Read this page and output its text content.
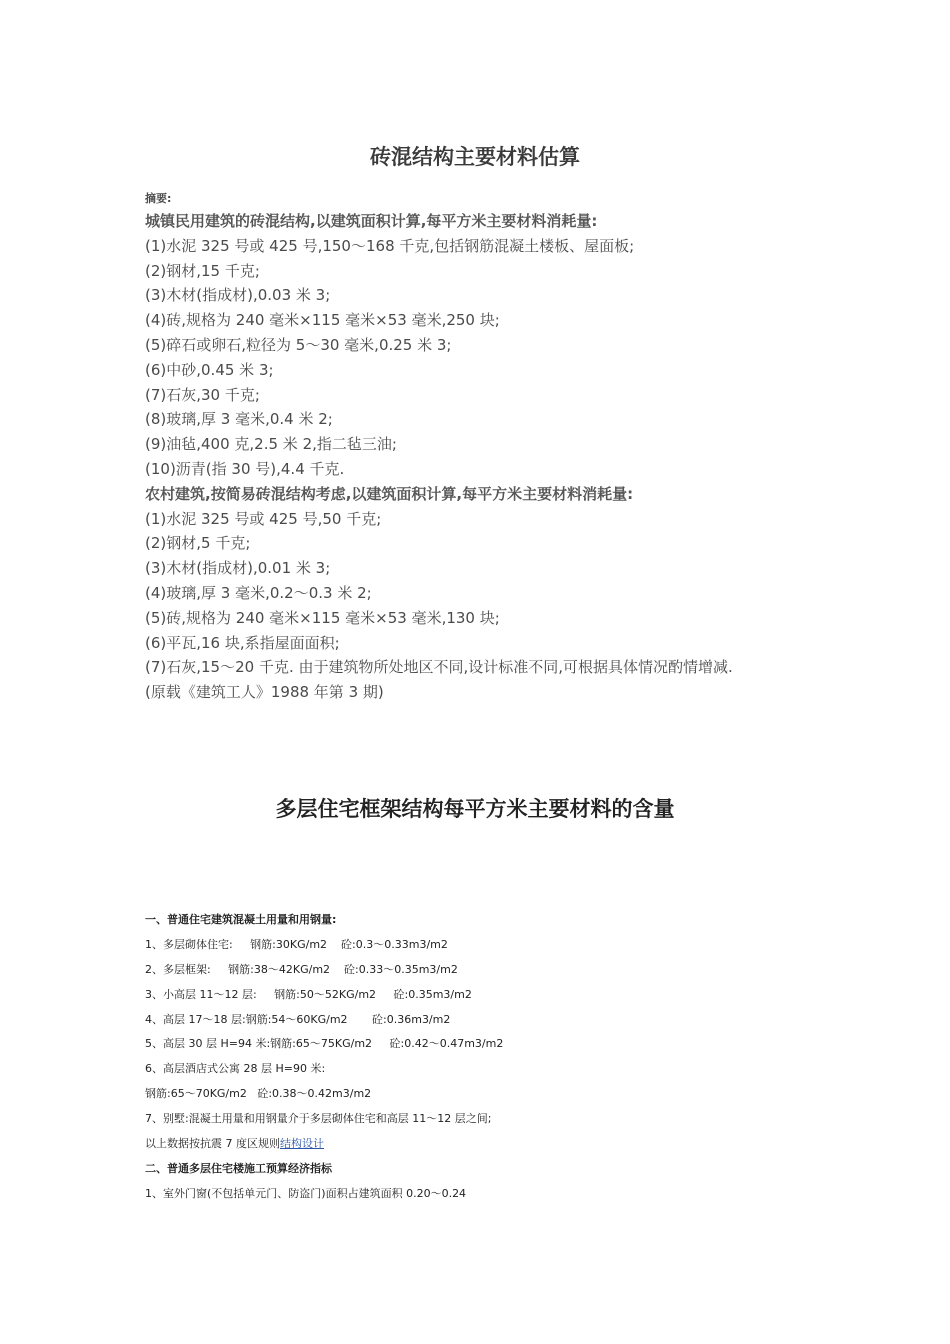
砖混结构主要材料估算
摘要:
城镇民用建筑的砖混结构,以建筑面积计算,每平方米主要材料消耗量:
(1)水泥 325 号或 425 号,150～168 千克,包括钢筋混凝土楼板、屋面板;
(2)钢材,15 千克;
(3)木材(指成材),0.03 米 3;
(4)砖,规格为 240 毫米×115 毫米×53 毫米,250 块;
(5)碎石或卵石,粒径为 5～30 毫米,0.25 米 3;
(6)中砂,0.45 米 3;
(7)石灰,30 千克;
(8)玻璃,厚 3 毫米,0.4 米 2;
(9)油毡,400 克,2.5 米 2,指二毡三油;
(10)沥青(指 30 号),4.4 千克.
农村建筑,按简易砖混结构考虑,以建筑面积计算,每平方米主要材料消耗量:
(1)水泥 325 号或 425 号,50 千克;
(2)钢材,5 千克;
(3)木材(指成材),0.01 米 3;
(4)玻璃,厚 3 毫米,0.2～0.3 米 2;
(5)砖,规格为 240 毫米×115 毫米×53 毫米,130 块;
(6)平瓦,16 块,系指屋面面积;
(7)石灰,15～20 千克. 由于建筑物所处地区不同,设计标准不同,可根据具体情况酌情增减.
(原载《建筑工人》1988 年第 3 期)
多层住宅框架结构每平方米主要材料的含量
一、普通住宅建筑混凝土用量和用钢量:
1、多层砌体住宅:     钢筋:30KG/m2    砼:0.3～0.33m3/m2
2、多层框架:     钢筋:38～42KG/m2    砼:0.33～0.35m3/m2
3、小高层 11～12 层:     钢筋:50～52KG/m2     砼:0.35m3/m2
4、高层 17～18 层:钢筋:54～60KG/m2       砼:0.36m3/m2
5、高层 30 层 H=94 米:钢筋:65～75KG/m2     砼:0.42～0.47m3/m2
6、高层酒店式公寓 28 层 H=90 米:
钢筋:65～70KG/m2   砼:0.38～0.42m3/m2
7、别墅:混凝土用量和用钢量介于多层砌体住宅和高层 11～12 层之间;
以上数据按抗震 7 度区规则结构设计
二、普通多层住宅楼施工预算经济指标
1、室外门窗(不包括单元门、防盗门)面积占建筑面积 0.20～0.24
